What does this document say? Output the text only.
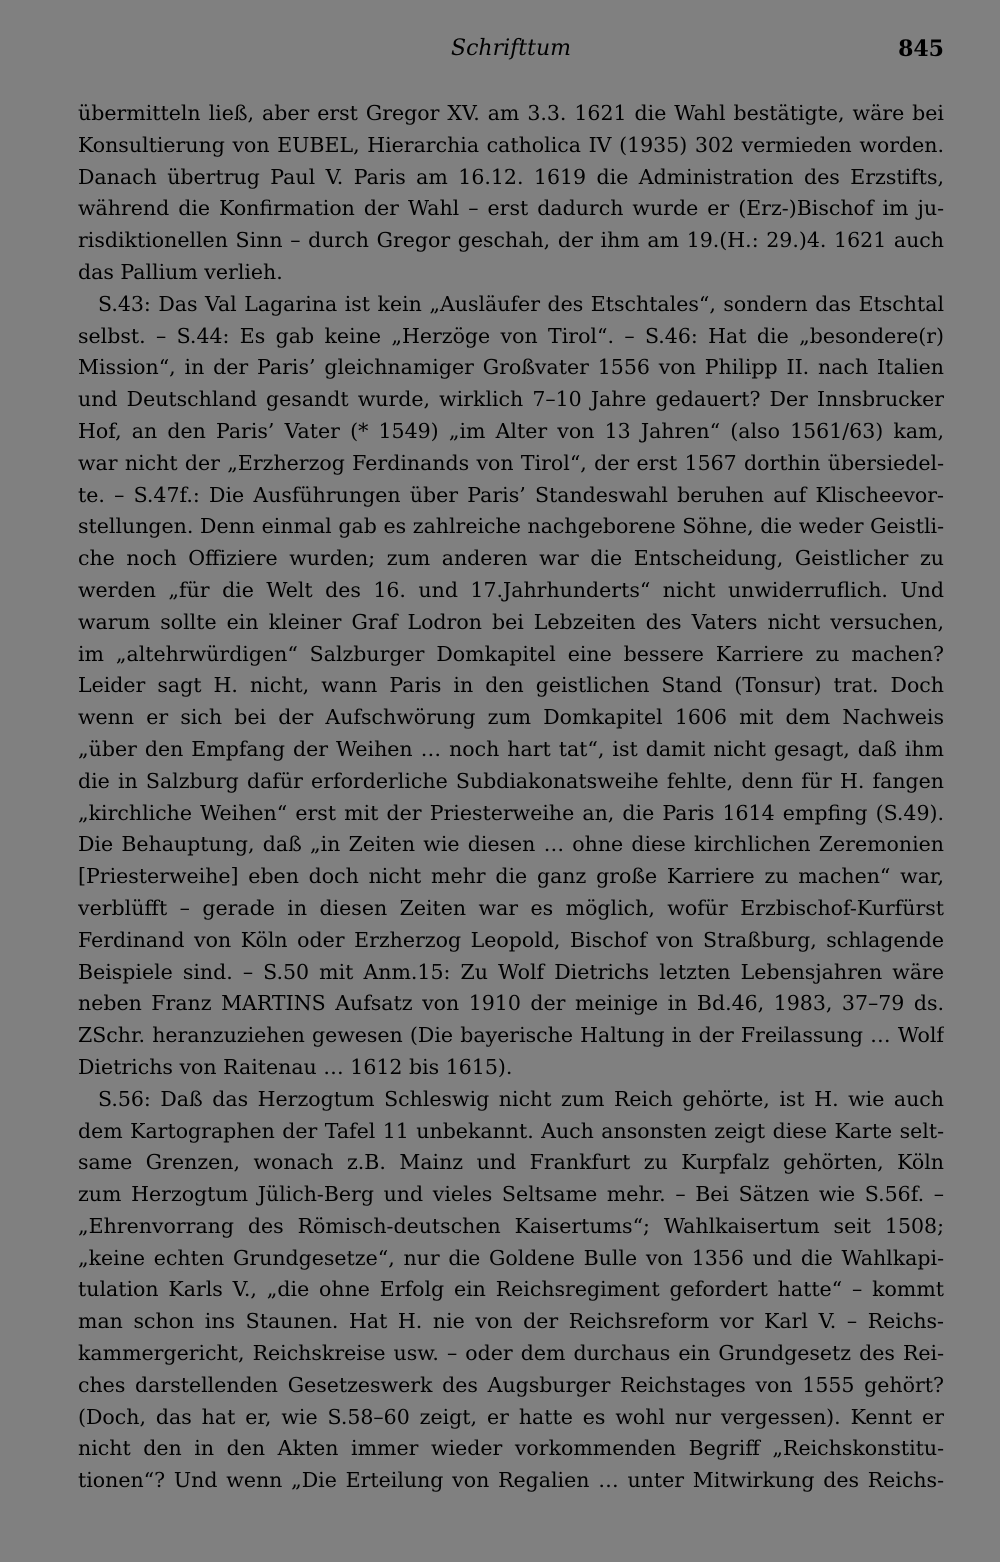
Schrifttum	845
übermitteln ließ, aber erst Gregor XV. am 3.3. 1621 die Wahl bestätigte, wäre bei
Konsultierung von EUBEL, Hierarchia catholica IV (1935) 302 vermieden worden.
Danach übertrug Paul V. Paris am 16.12. 1619 die Administration des Erzstifts,
während die Konfirmation der Wahl – erst dadurch wurde er (Erz-)Bischof im ju-
risdiktionellen Sinn – durch Gregor geschah, der ihm am 19.(H.: 29.)4. 1621 auch
das Pallium verlieh.
S.43: Das Val Lagarina ist kein „Ausläufer des Etschtales“, sondern das Etschtal
selbst. – S.44: Es gab keine „Herzöge von Tirol“. – S.46: Hat die „besondere(r)
Mission“, in der Paris’ gleichnamiger Großvater 1556 von Philipp II. nach Italien
und Deutschland gesandt wurde, wirklich 7–10 Jahre gedauert? Der Innsbrucker
Hof, an den Paris’ Vater (* 1549) „im Alter von 13 Jahren“ (also 1561/63) kam,
war nicht der „Erzherzog Ferdinands von Tirol“, der erst 1567 dorthin übersiedel-
te. – S.47f.: Die Ausführungen über Paris’ Standeswahl beruhen auf Klischeevor-
stellungen. Denn einmal gab es zahlreiche nachgeborene Söhne, die weder Geistli-
che noch Offiziere wurden; zum anderen war die Entscheidung, Geistlicher zu
werden „für die Welt des 16. und 17.Jahrhunderts“ nicht unwiderruflich. Und
warum sollte ein kleiner Graf Lodron bei Lebzeiten des Vaters nicht versuchen,
im „altehrwürdigen“ Salzburger Domkapitel eine bessere Karriere zu machen?
Leider sagt H. nicht, wann Paris in den geistlichen Stand (Tonsur) trat. Doch
wenn er sich bei der Aufschwörung zum Domkapitel 1606 mit dem Nachweis
„über den Empfang der Weihen … noch hart tat“, ist damit nicht gesagt, daß ihm
die in Salzburg dafür erforderliche Subdiakonatsweihe fehlte, denn für H. fangen
„kirchliche Weihen“ erst mit der Priesterweihe an, die Paris 1614 empfing (S.49).
Die Behauptung, daß „in Zeiten wie diesen … ohne diese kirchlichen Zeremonien
[Priesterweihe] eben doch nicht mehr die ganz große Karriere zu machen“ war,
verblüfft – gerade in diesen Zeiten war es möglich, wofür Erzbischof-Kurfürst
Ferdinand von Köln oder Erzherzog Leopold, Bischof von Straßburg, schlagende
Beispiele sind. – S.50 mit Anm.15: Zu Wolf Dietrichs letzten Lebensjahren wäre
neben Franz MARTINS Aufsatz von 1910 der meinige in Bd.46, 1983, 37–79 ds.
ZSchr. heranzuziehen gewesen (Die bayerische Haltung in der Freilassung … Wolf
Dietrichs von Raitenau … 1612 bis 1615).
S.56: Daß das Herzogtum Schleswig nicht zum Reich gehörte, ist H. wie auch
dem Kartographen der Tafel 11 unbekannt. Auch ansonsten zeigt diese Karte selt-
same Grenzen, wonach z.B. Mainz und Frankfurt zu Kurpfalz gehörten, Köln
zum Herzogtum Jülich-Berg und vieles Seltsame mehr. – Bei Sätzen wie S.56f. –
„Ehrenvorrang des Römisch-deutschen Kaisertums“; Wahlkaisertum seit 1508;
„keine echten Grundgesetze“, nur die Goldene Bulle von 1356 und die Wahlkapi-
tulation Karls V., „die ohne Erfolg ein Reichsregiment gefordert hatte“ – kommt
man schon ins Staunen. Hat H. nie von der Reichsreform vor Karl V. – Reichs-
kammergericht, Reichskreise usw. – oder dem durchaus ein Grundgesetz des Rei-
ches darstellenden Gesetzeswerk des Augsburger Reichstages von 1555 gehört?
(Doch, das hat er, wie S.58–60 zeigt, er hatte es wohl nur vergessen). Kennt er
nicht den in den Akten immer wieder vorkommenden Begriff „Reichskonstitu-
tionen“? Und wenn „Die Erteilung von Regalien … unter Mitwirkung des Reichs-
